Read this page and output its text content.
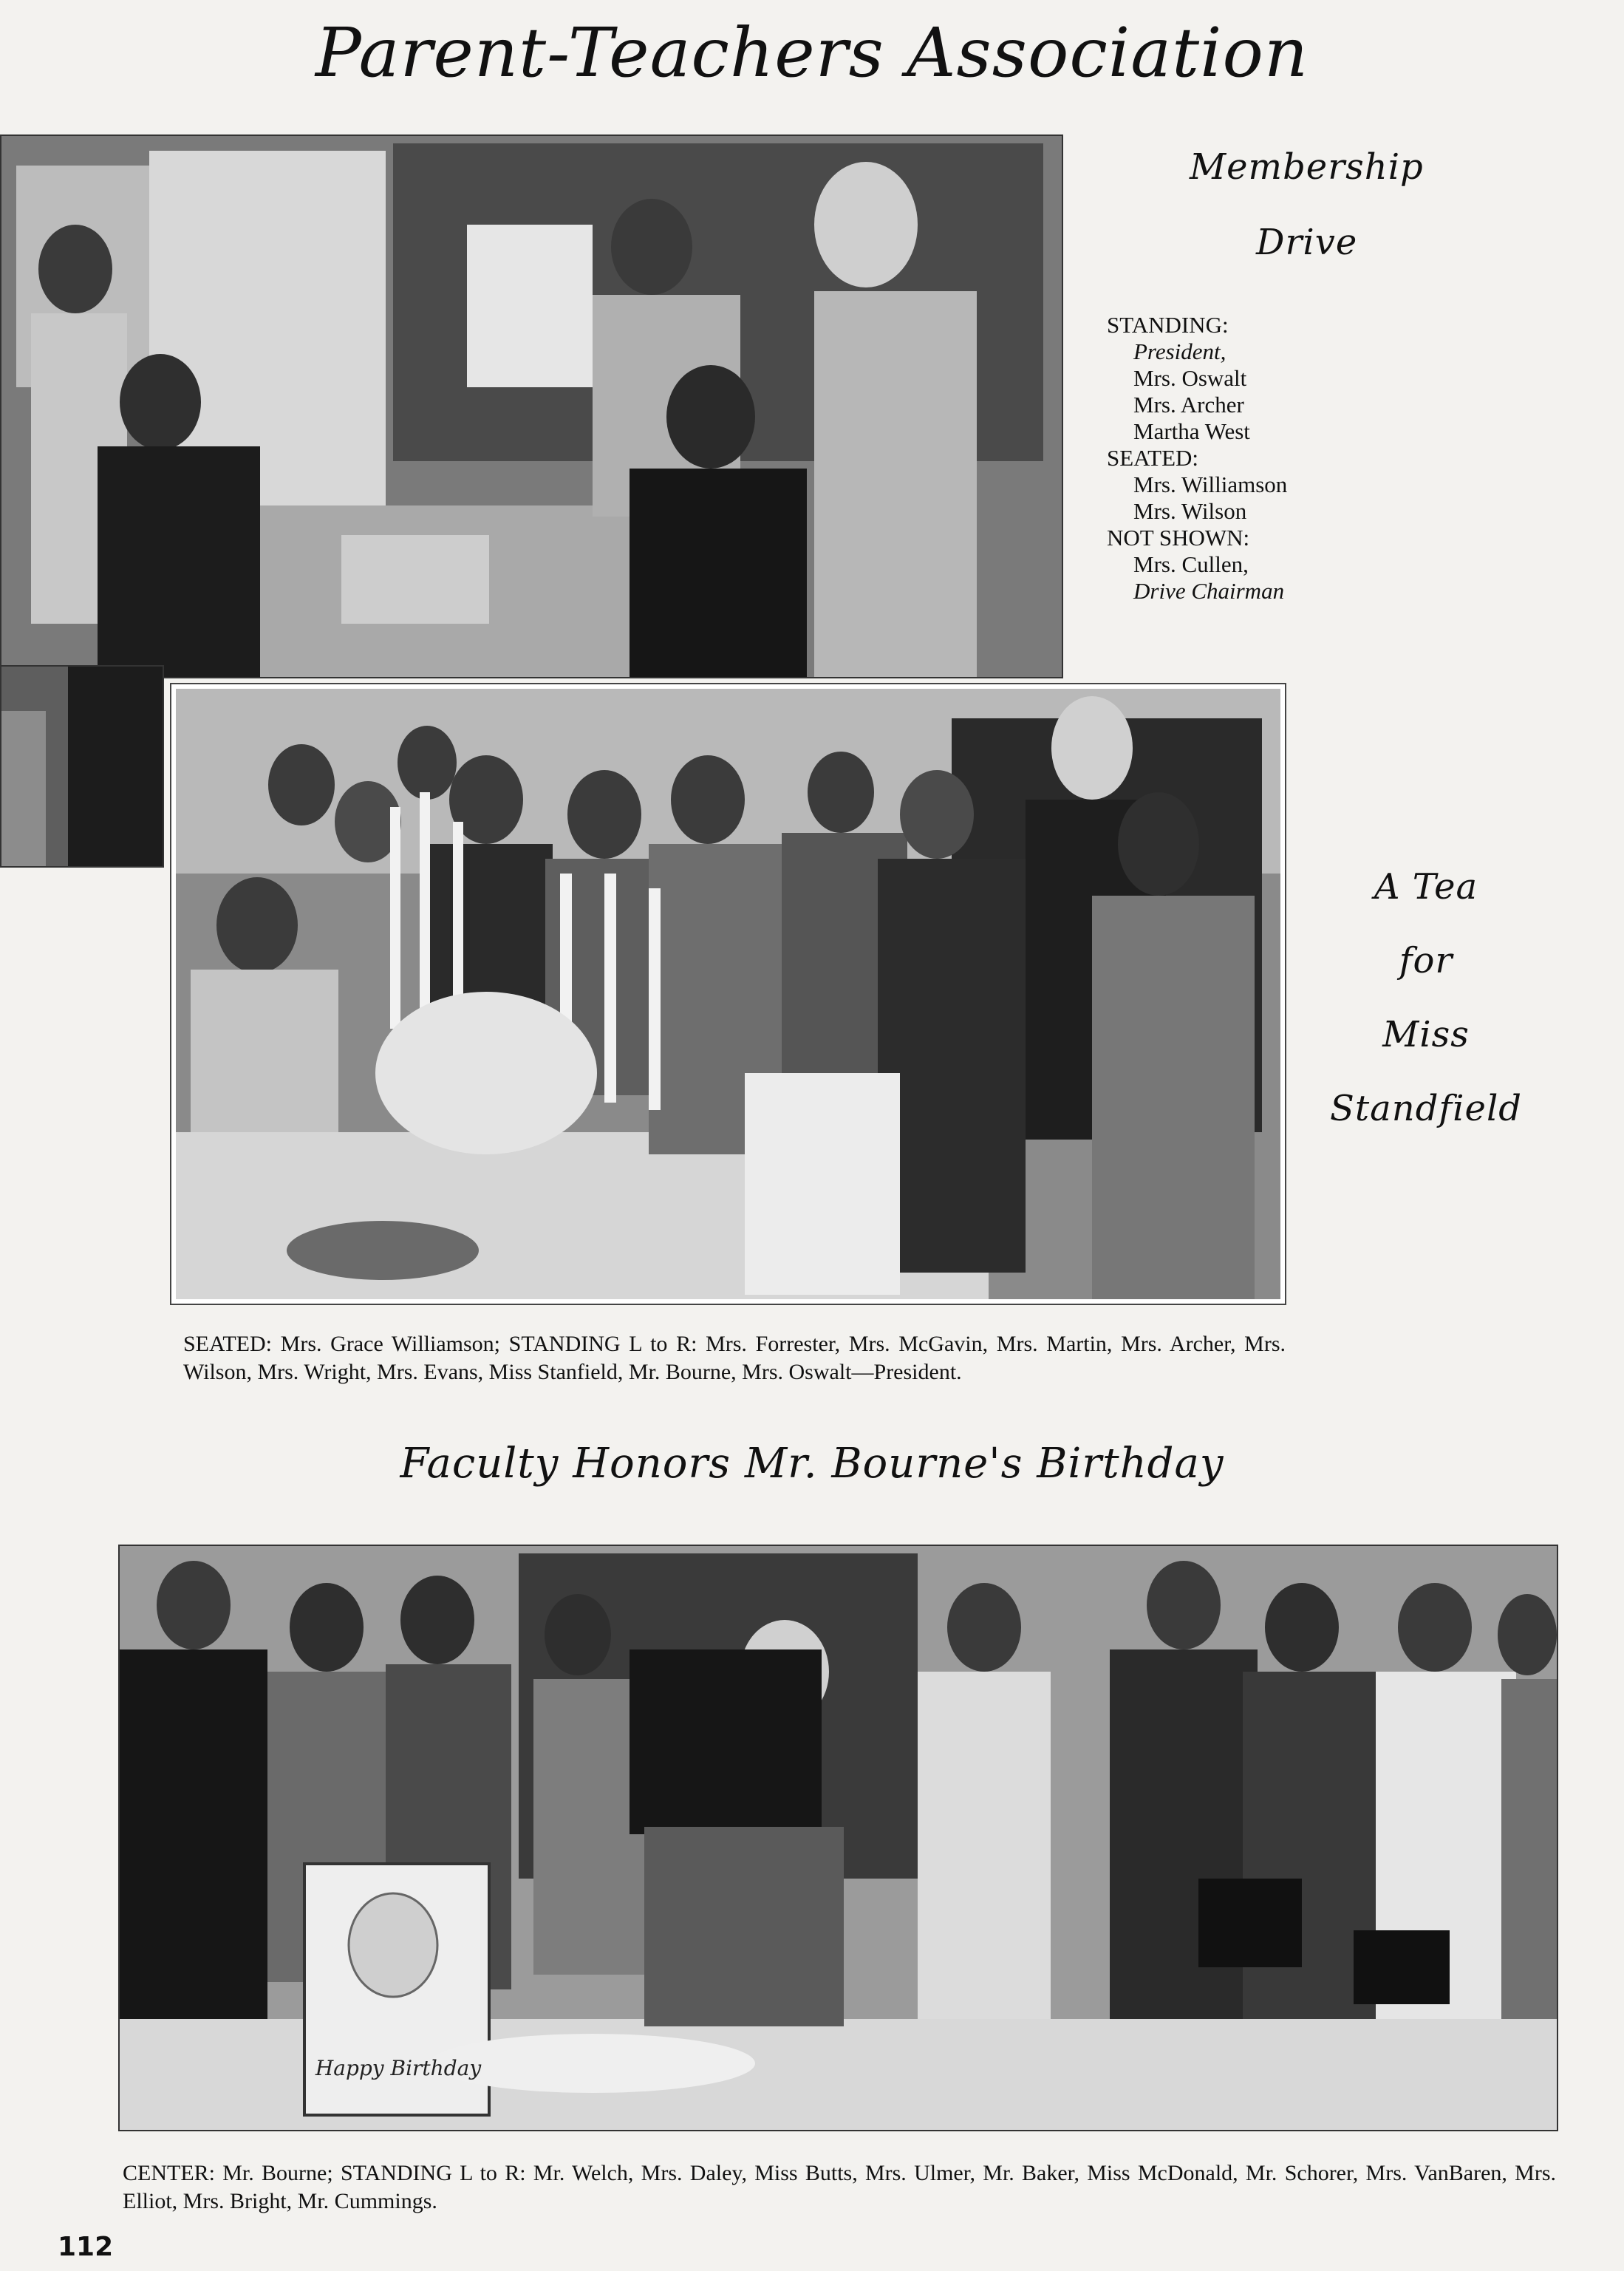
Parent-Teachers Association
Membership
Drive
STANDING:
President,
Mrs. Oswalt
Mrs. Archer
Martha West
SEATED:
Mrs. Williamson
Mrs. Wilson
NOT SHOWN:
Mrs. Cullen,
Drive Chairman
A Tea
for
Miss
Standfield
SEATED: Mrs. Grace Williamson; STANDING L to R: Mrs. Forrester, Mrs. McGavin, Mrs. Martin, Mrs. Archer, Mrs. Wilson, Mrs. Wright, Mrs. Evans, Miss Stanfield, Mr. Bourne, Mrs. Oswalt—President.
Faculty Honors Mr. Bourne's Birthday
Happy Birthday
CENTER: Mr. Bourne; STANDING L to R: Mr. Welch, Mrs. Daley, Miss Butts, Mrs. Ulmer, Mr. Baker, Miss McDonald, Mr. Schorer, Mrs. VanBaren, Mrs. Elliot, Mrs. Bright, Mr. Cummings.
112
